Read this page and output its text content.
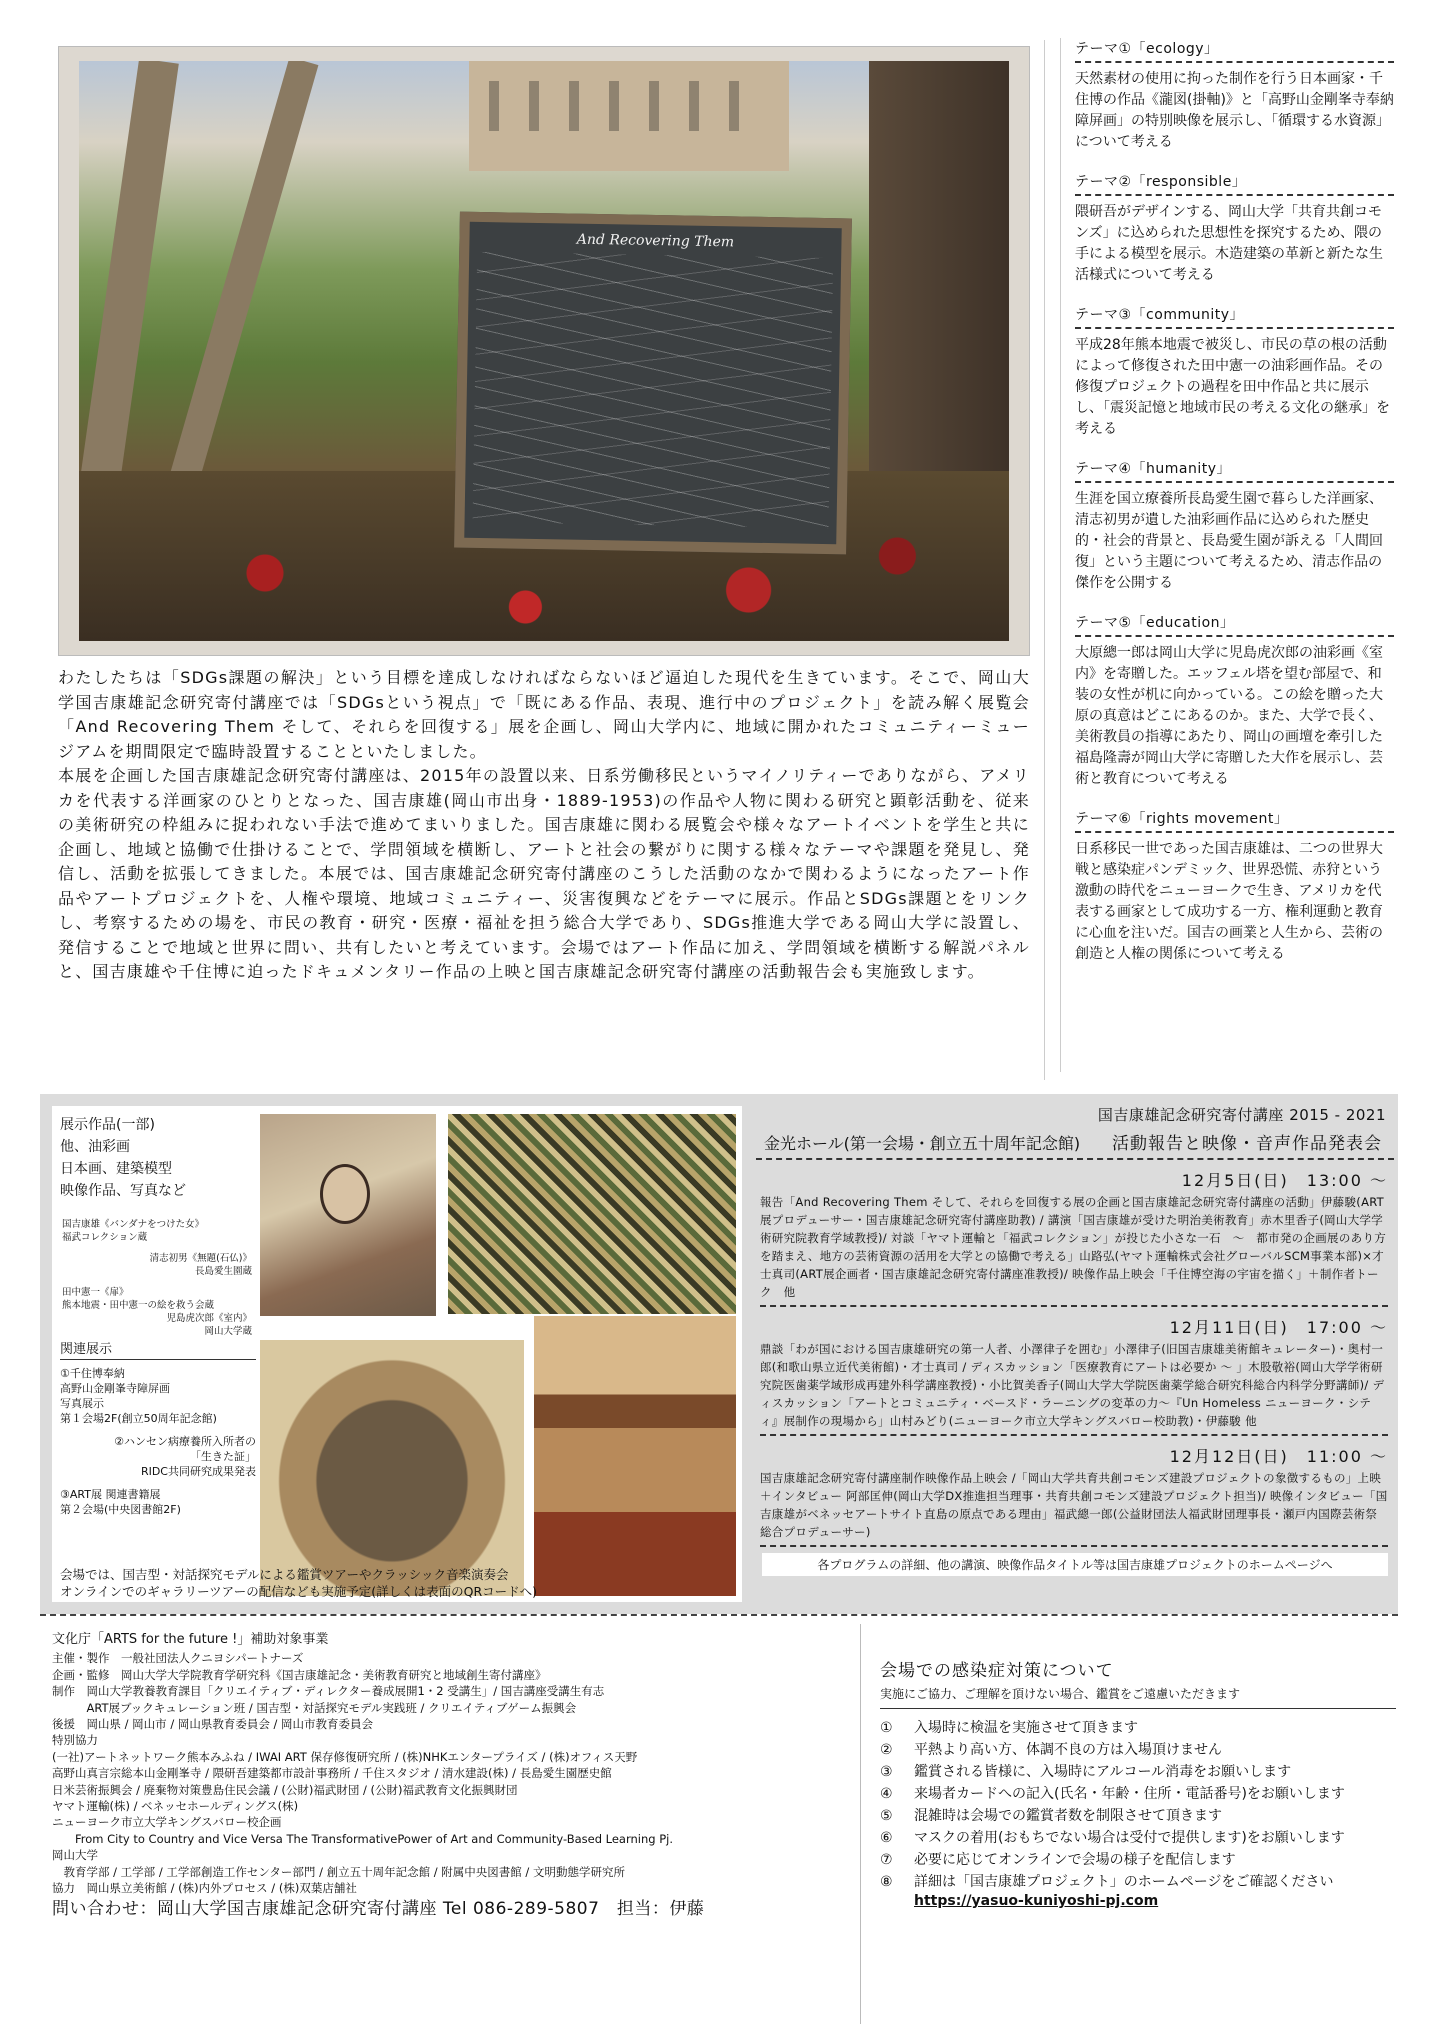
And Recovering Them
テーマ①「ecology」
天然素材の使用に拘った制作を行う日本画家・千住博の作品《瀧図(掛軸)》と「高野山金剛峯寺奉納障屏画」の特別映像を展示し、「循環する水資源」について考える
テーマ②「responsible」
隈研吾がデザインする、岡山大学「共育共創コモンズ」に込められた思想性を探究するため、隈の手による模型を展示。木造建築の革新と新たな生活様式について考える
テーマ③「community」
平成28年熊本地震で被災し、市民の草の根の活動によって修復された田中憲一の油彩画作品。その修復プロジェクトの過程を田中作品と共に展示し、「震災記憶と地域市民の考える文化の継承」を考える
テーマ④「humanity」
生涯を国立療養所長島愛生園で暮らした洋画家、清志初男が遺した油彩画作品に込められた歴史的・社会的背景と、長島愛生園が訴える「人間回復」という主題について考えるため、清志作品の傑作を公開する
テーマ⑤「education」
大原總一郎は岡山大学に児島虎次郎の油彩画《室内》を寄贈した。エッフェル塔を望む部屋で、和装の女性が机に向かっている。この絵を贈った大原の真意はどこにあるのか。また、大学で長く、美術教員の指導にあたり、岡山の画壇を牽引した福島隆壽が岡山大学に寄贈した大作を展示し、芸術と教育について考える
テーマ⑥「rights movement」
日系移民一世であった国吉康雄は、二つの世界大戦と感染症パンデミック、世界恐慌、赤狩という激動の時代をニューヨークで生き、アメリカを代表する画家として成功する一方、権利運動と教育に心血を注いだ。国吉の画業と人生から、芸術の創造と人権の関係について考える

わたしたちは「SDGs課題の解決」という目標を達成しなければならないほど逼迫した現代を生きています。そこで、岡山大学国吉康雄記念研究寄付講座では「SDGsという視点」で「既にある作品、表現、進行中のプロジェクト」を読み解く展覧会「And Recovering Them そして、それらを回復する」展を企画し、岡山大学内に、地域に開かれたコミュニティーミュージアムを期間限定で臨時設置することといたしました。

本展を企画した国吉康雄記念研究寄付講座は、2015年の設置以来、日系労働移民というマイノリティーでありながら、アメリカを代表する洋画家のひとりとなった、国吉康雄(岡山市出身・1889-1953)の作品や人物に関わる研究と顕彰活動を、従来の美術研究の枠組みに捉われない手法で進めてまいりました。国吉康雄に関わる展覧会や様々なアートイベントを学生と共に企画し、地域と協働で仕掛けることで、学問領域を横断し、アートと社会の繋がりに関する様々なテーマや課題を発見し、発信し、活動を拡張してきました。本展では、国吉康雄記念研究寄付講座のこうした活動のなかで関わるようになったアート作品やアートプロジェクトを、人権や環境、地域コミュニティー、災害復興などをテーマに展示。作品とSDGs課題とをリンクし、考察するための場を、市民の教育・研究・医療・福祉を担う総合大学であり、SDGs推進大学である岡山大学に設置し、発信することで地域と世界に問い、共有したいと考えています。会場ではアート作品に加え、学問領域を横断する解説パネルと、国吉康雄や千住博に迫ったドキュメンタリー作品の上映と国吉康雄記念研究寄付講座の活動報告会も実施致します。

展示作品(一部)
他、油彩画
日本画、建築模型
映像作品、写真など
国吉康雄《バンダナをつけた女》
福武コレクション蔵
清志初男《無題(石仏)》
長島愛生園蔵
田中憲一《扉》
熊本地震・田中憲一の絵を救う会蔵
児島虎次郎《室内》
岡山大学蔵
関連展示
①千住博奉納
高野山金剛峯寺障屏画
写真展示
第１会場2F(創立50周年記念館)
②ハンセン病療養所入所者の
「生きた証」
RIDC共同研究成果発表
③ART展 関連書籍展
第２会場(中央図書館2F)
会場では、国吉型・対話探究モデルによる鑑賞ツアーやクラッシック音楽演奏会
オンラインでのギャラリーツアーの配信なども実施予定(詳しくは表面のQRコードへ)
国吉康雄記念研究寄付講座 2015 - 2021
金光ホール(第一会場・創立五十周年記念館) 活動報告と映像・音声作品発表会
12月5日(日)　13:00 〜
報告「And Recovering Them そして、それらを回復する展の企画と国吉康雄記念研究寄付講座の活動」伊藤駿(ART展プロデューサー・国吉康雄記念研究寄付講座助教) / 講演「国吉康雄が受けた明治美術教育」赤木里香子(岡山大学学術研究院教育学域教授)/ 対談「ヤマト運輸と「福武コレクション」が投じた小さな一石　〜　都市発の企画展のあり方を踏まえ、地方の芸術資源の活用を大学との協働で考える」山路弘(ヤマト運輸株式会社グローバルSCM事業本部)×才士真司(ART展企画者・国吉康雄記念研究寄付講座准教授)/ 映像作品上映会「千住博空海の宇宙を描く」＋制作者トーク　他
12月11日(日)　17:00 〜
鼎談「わが国における国吉康雄研究の第一人者、小澤律子を囲む」小澤律子(旧国吉康雄美術館キュレーター)・奥村一郎(和歌山県立近代美術館)・才士真司 / ディスカッション「医療教育にアートは必要か 〜 」木股敬裕(岡山大学学術研究院医歯薬学域形成再建外科学講座教授)・小比賀美香子(岡山大学大学院医歯薬学総合研究科総合内科学分野講師)/ ディスカッション「アートとコミュニティ・ベースド・ラーニングの変革の力〜『Un Homeless ニューヨーク・シティ』展制作の現場から」山村みどり(ニューヨーク市立大学キングスバロー校助教)・伊藤駿 他
12月12日(日)　11:00 〜
国吉康雄記念研究寄付講座制作映像作品上映会 /「岡山大学共育共創コモンズ建設プロジェクトの象徴するもの」上映＋インタビュー 阿部匡伸(岡山大学DX推進担当理事・共育共創コモンズ建設プロジェクト担当)/ 映像インタビュー「国吉康雄がベネッセアートサイト直島の原点である理由」福武總一郎(公益財団法人福武財団理事長・瀬戸内国際芸術祭総合プロデューサー)
各プログラムの詳細、他の講演、映像作品タイトル等は国吉康雄プロジェクトのホームページへ
文化庁「ARTS for the future !」補助対象事業
主催・製作　一般社団法人クニヨシパートナーズ
企画・監修　岡山大学大学院教育学研究科《国吉康雄記念・美術教育研究と地域創生寄付講座》
制作　岡山大学教養教育課目「クリエイティブ・ディレクター養成展開1・2 受講生」/ 国吉講座受講生有志
　　　ART展ブックキュレーション班 / 国吉型・対話探究モデル実践班 / クリエイティブゲーム振興会
後援　岡山県 / 岡山市 / 岡山県教育委員会 / 岡山市教育委員会
特別協力
(一社)アートネットワーク熊本みふね / IWAI ART 保存修復研究所 / (株)NHKエンタープライズ / (株)オフィス天野
高野山真言宗総本山金剛峯寺 / 隈研吾建築都市設計事務所 / 千住スタジオ / 清水建設(株) / 長島愛生園歴史館
日米芸術振興会 / 廃棄物対策豊島住民会議 / (公財)福武財団 / (公財)福武教育文化振興財団
ヤマト運輸(株) / ベネッセホールディングス(株)
ニューヨーク市立大学キングスバロー校企画
　　From City to Country and Vice Versa The TransformativePower of Art and Community-Based Learning Pj.
岡山大学
　教育学部 / 工学部 / 工学部創造工作センター部門 / 創立五十周年記念館 / 附属中央図書館 / 文明動態学研究所
協力　岡山県立美術館 / (株)内外プロセス / (株)双葉店舗社
問い合わせ：岡山大学国吉康雄記念研究寄付講座 Tel 086-289-5807　担当：伊藤
会場での感染症対策について
実施にご協力、ご理解を頂けない場合、鑑賞をご遠慮いただきます
①	入場時に検温を実施させて頂きます
②	平熱より高い方、体調不良の方は入場頂けません
③	鑑賞される皆様に、入場時にアルコール消毒をお願いします
④	来場者カードへの記入(氏名・年齢・住所・電話番号)をお願いします
⑤	混雑時は会場での鑑賞者数を制限させて頂きます
⑥	マスクの着用(おもちでない場合は受付で提供します)をお願いします
⑦	必要に応じてオンラインで会場の様子を配信します
⑧	詳細は「国吉康雄プロジェクト」のホームページをご確認ください
https://yasuo-kuniyoshi-pj.com
